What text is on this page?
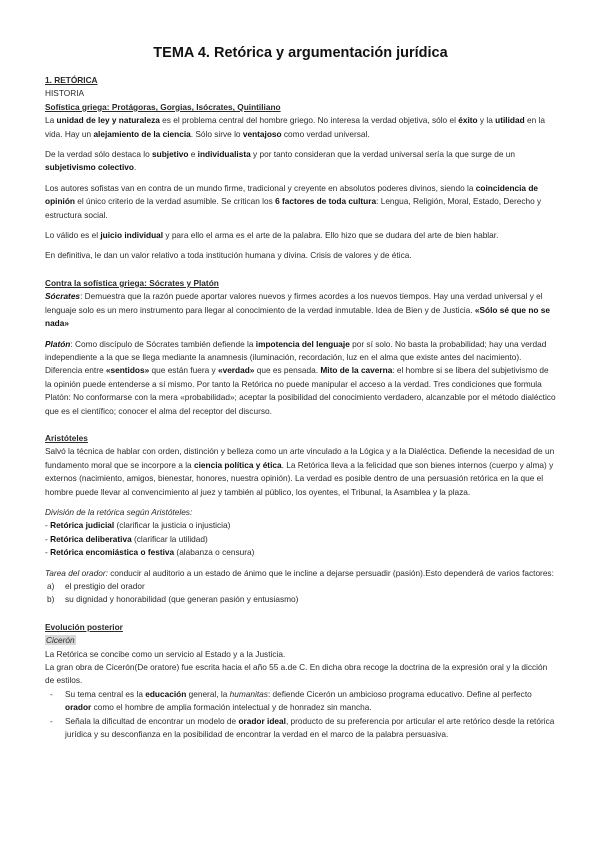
TEMA 4. Retórica y argumentación jurídica

1. RETÓRICA

HISTORIA

Sofística griega: Protágoras, Gorgias, Isócrates, Quintiliano

La unidad de ley y naturaleza es el problema central del hombre griego. No interesa la verdad objetiva, sólo el éxito y la utilidad en la vida. Hay un alejamiento de la ciencia. Sólo sirve lo ventajoso como verdad universal.

De la verdad sólo destaca lo subjetivo e individualista y por tanto consideran que la verdad universal sería la que surge de un subjetivismo colectivo.

Los autores sofistas van en contra de un mundo firme, tradicional y creyente en absolutos poderes divinos, siendo la coincidencia de opinión el único criterio de la verdad asumible. Se critican los 6 factores de toda cultura: Lengua, Religión, Moral, Estado, Derecho y estructura social.

Lo válido es el juicio individual y para ello el arma es el arte de la palabra. Ello hizo que se dudara del arte de bien hablar.

En definitiva, le dan un valor relativo a toda institución humana y divina. Crisis de valores y de ética.

Contra la sofística griega: Sócrates y Platón

Sócrates: Demuestra que la razón puede aportar valores nuevos y firmes acordes a los nuevos tiempos. Hay una verdad universal y el lenguaje solo es un mero instrumento para llegar al conocimiento de la verdad inmutable. Idea de Bien y de Justicia. «Sólo sé que no se nada»

Platón: Como discípulo de Sócrates también defiende la impotencia del lenguaje por sí solo. No basta la probabilidad; hay una verdad independiente a la que se llega mediante la anamnesis (iluminación, recordación, luz en el alma que existe antes del nacimiento). Diferencia entre «sentidos» que están fuera y «verdad» que es pensada. Mito de la caverna: el hombre si se libera del subjetivismo de la opinión puede entenderse a sí mismo. Por tanto la Retórica no puede manipular el acceso a la verdad. Tres condiciones que formula Platón: No conformarse con la mera «probabilidad»; aceptar la posibilidad del conocimiento verdadero, alcanzable por el método dialéctico que es el científico; conocer el alma del receptor del discurso.

Aristóteles

Salvó la técnica de hablar con orden, distinción y belleza como un arte vinculado a la Lógica y a la Dialéctica. Defiende la necesidad de un fundamento moral que se incorpore a la ciencia política y ética. La Retórica lleva a la felicidad que son bienes internos (cuerpo y alma) y externos (nacimiento, amigos, bienestar, honores, nuestra opinión). La verdad es posible dentro de una persuasión retórica en la que el hombre puede llevar al convencimiento al juez y también al público, los oyentes, el Tribunal, la Asamblea y la plaza.

División de la retórica según Aristóteles:

- Retórica judicial (clarificar la justicia o injusticia)
- Retórica deliberativa (clarificar la utilidad)
- Retórica encomiástica o festiva (alabanza o censura)

Tarea del orador: conducir al auditorio a un estado de ánimo que le incline a dejarse persuadir (pasión).Esto dependerá de varios factores:

a) el prestigio del orador
b) su dignidad y honorabilidad (que generan pasión y entusiasmo)

Evolución posterior

Cicerón

La Retórica se concibe como un servicio al Estado y a la Justicia.

La gran obra de Cicerón(De oratore) fue escrita hacia el año 55 a.de C. En dicha obra recoge la doctrina de la expresión oral y la dicción de estilos.

- Su tema central es la educación general, la humanitas: defiende Cicerón un ambicioso programa educativo. Define al perfecto orador como el hombre de amplia formación intelectual y de honradez sin mancha.
- Señala la dificultad de encontrar un modelo de orador ideal, producto de su preferencia por articular el arte retórico desde la retórica jurídica y su desconfianza en la posibilidad de encontrar la verdad en el marco de la palabra persuasiva.
